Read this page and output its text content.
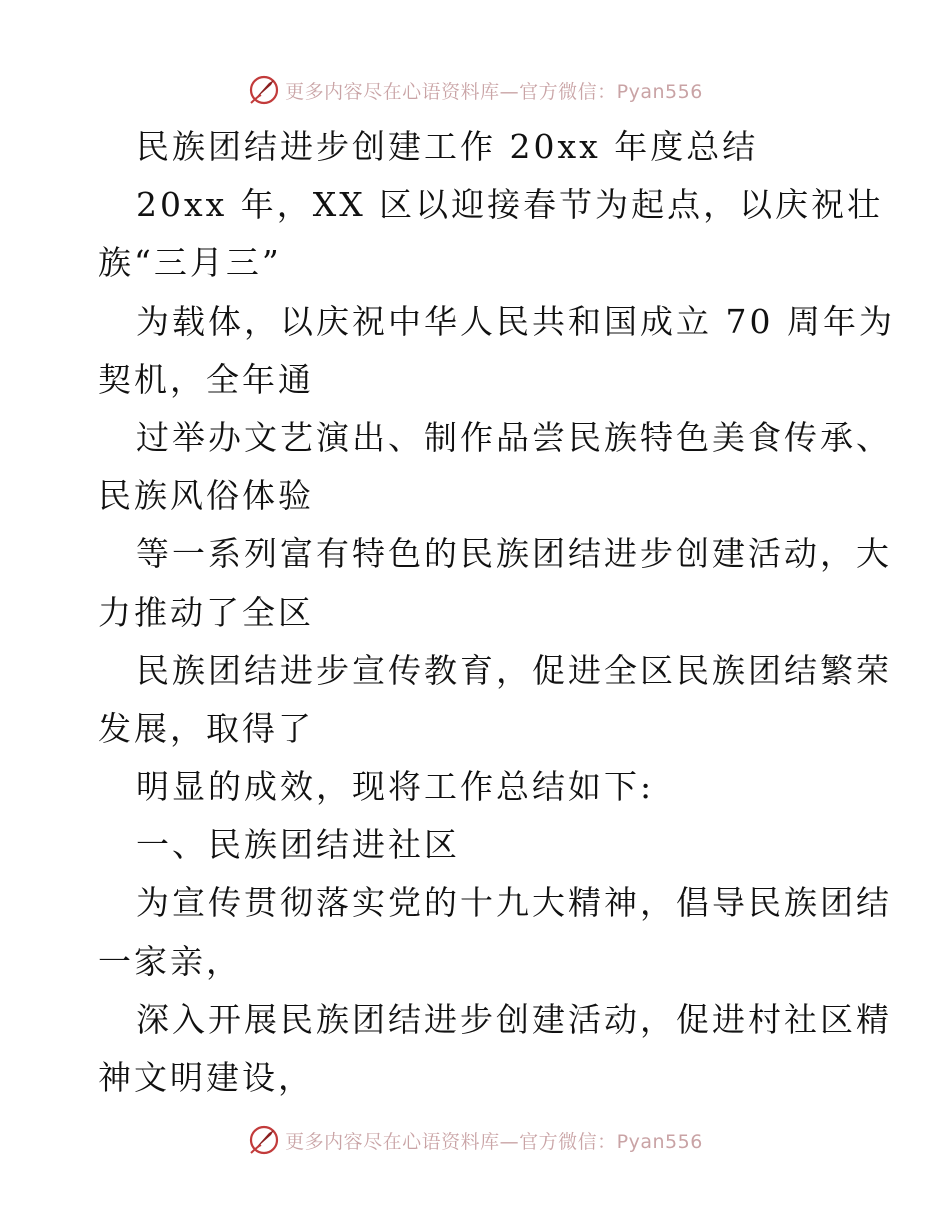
更多内容尽在心语资料库—官方微信：Pyan556
民族团结进步创建工作 20xx 年度总结
20xx 年，XX 区以迎接春节为起点，以庆祝壮
族“三月三”
为载体，以庆祝中华人民共和国成立 70 周年为
契机，全年通
过举办文艺演出、制作品尝民族特色美食传承、
民族风俗体验
等一系列富有特色的民族团结进步创建活动，大
力推动了全区
民族团结进步宣传教育，促进全区民族团结繁荣
发展，取得了
明显的成效，现将工作总结如下:
一、民族团结进社区
为宣传贯彻落实党的十九大精神，倡导民族团结
一家亲，
深入开展民族团结进步创建活动，促进村社区精
神文明建设，
更多内容尽在心语资料库—官方微信：Pyan556
